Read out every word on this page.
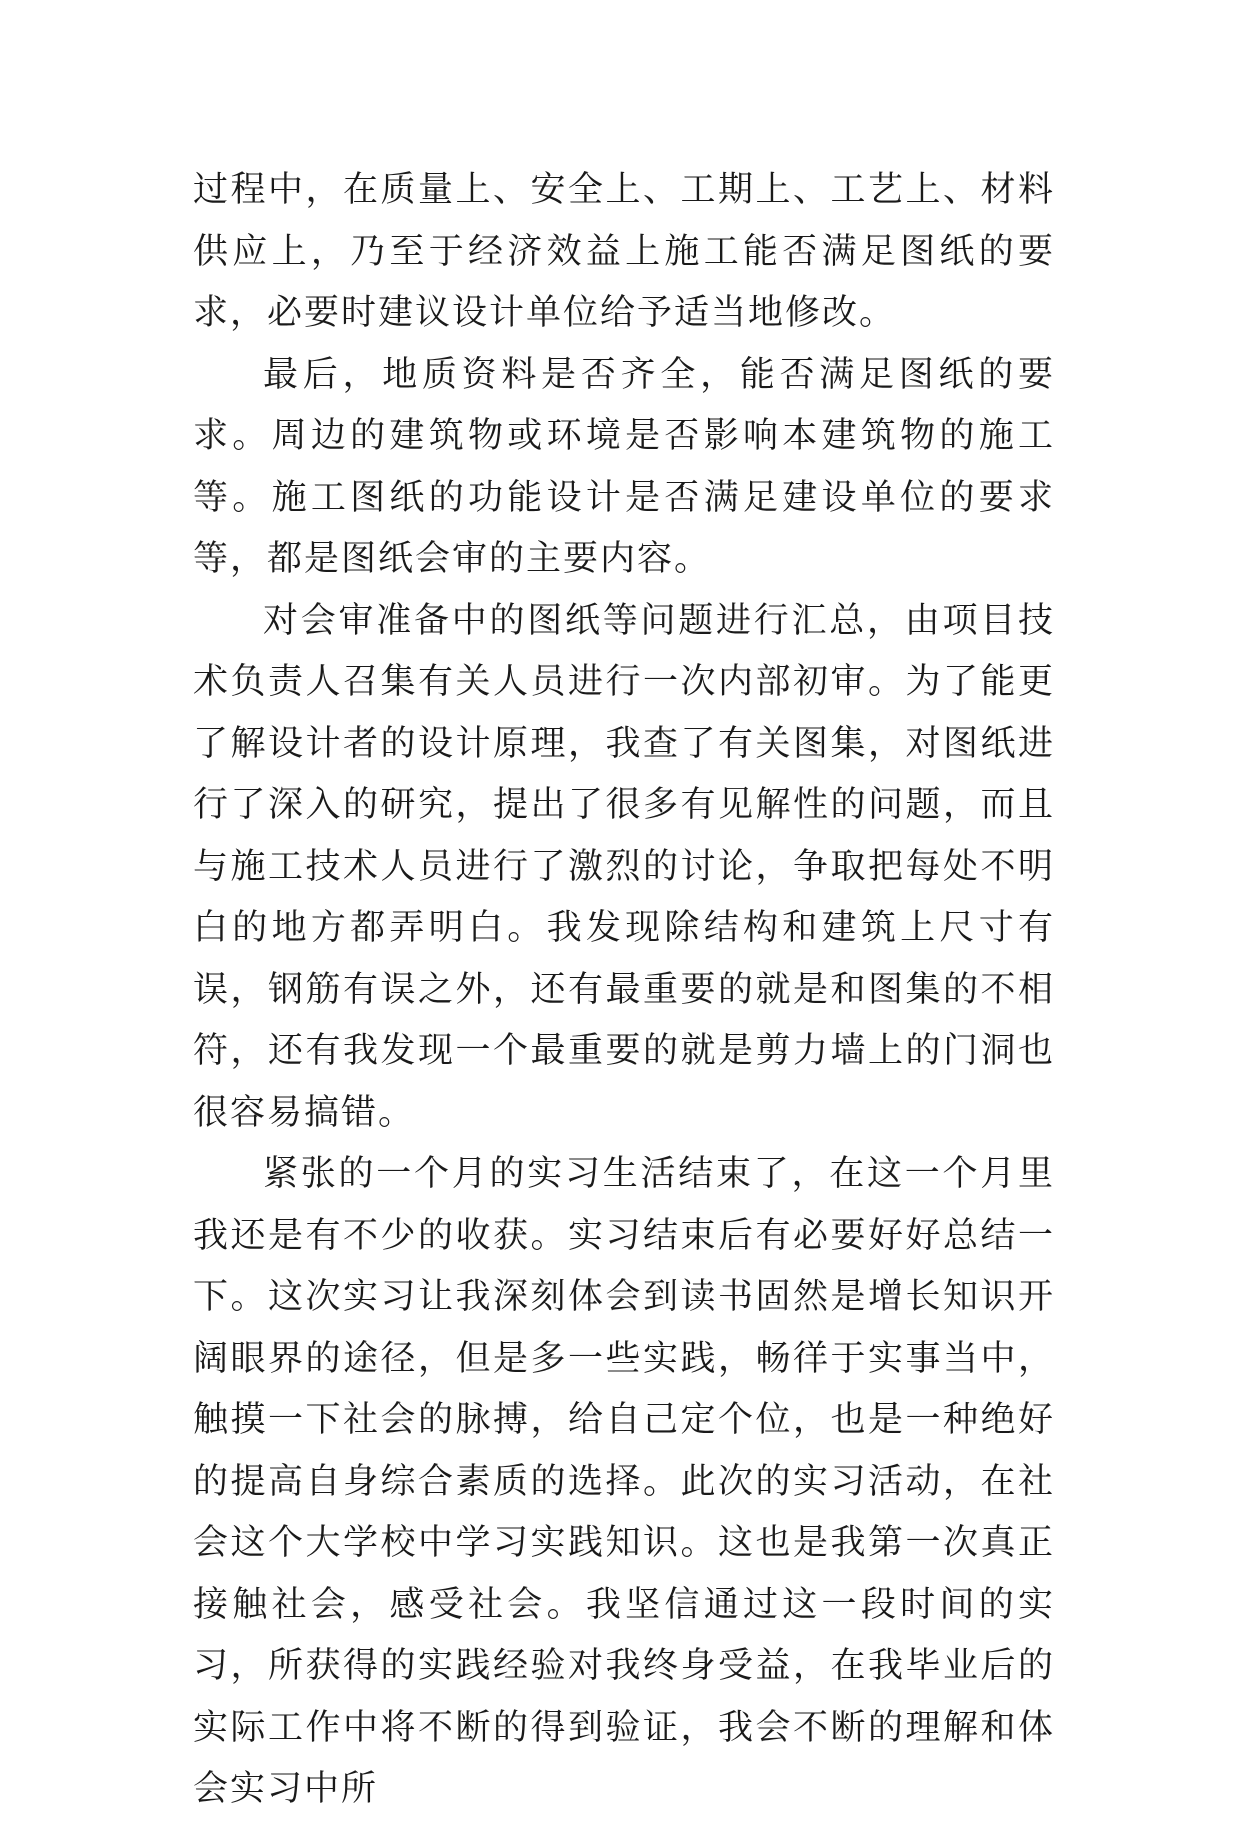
过程中，在质量上、安全上、工期上、工艺上、材料供应上，乃至于经济效益上施工能否满足图纸的要求，必要时建议设计单位给予适当地修改。

最后，地质资料是否齐全，能否满足图纸的要求。周边的建筑物或环境是否影响本建筑物的施工等。施工图纸的功能设计是否满足建设单位的要求等，都是图纸会审的主要内容。

对会审准备中的图纸等问题进行汇总，由项目技术负责人召集有关人员进行一次内部初审。为了能更了解设计者的设计原理，我查了有关图集，对图纸进行了深入的研究，提出了很多有见解性的问题，而且与施工技术人员进行了激烈的讨论，争取把每处不明白的地方都弄明白。我发现除结构和建筑上尺寸有误，钢筋有误之外，还有最重要的就是和图集的不相符，还有我发现一个最重要的就是剪力墙上的门洞也很容易搞错。

紧张的一个月的实习生活结束了，在这一个月里我还是有不少的收获。实习结束后有必要好好总结一下。这次实习让我深刻体会到读书固然是增长知识开阔眼界的途径，但是多一些实践，畅徉于实事当中，触摸一下社会的脉搏，给自己定个位，也是一种绝好的提高自身综合素质的选择。此次的实习活动，在社会这个大学校中学习实践知识。这也是我第一次真正接触社会，感受社会。我坚信通过这一段时间的实习，所获得的实践经验对我终身受益，在我毕业后的实际工作中将不断的得到验证，我会不断的理解和体会实习中所
